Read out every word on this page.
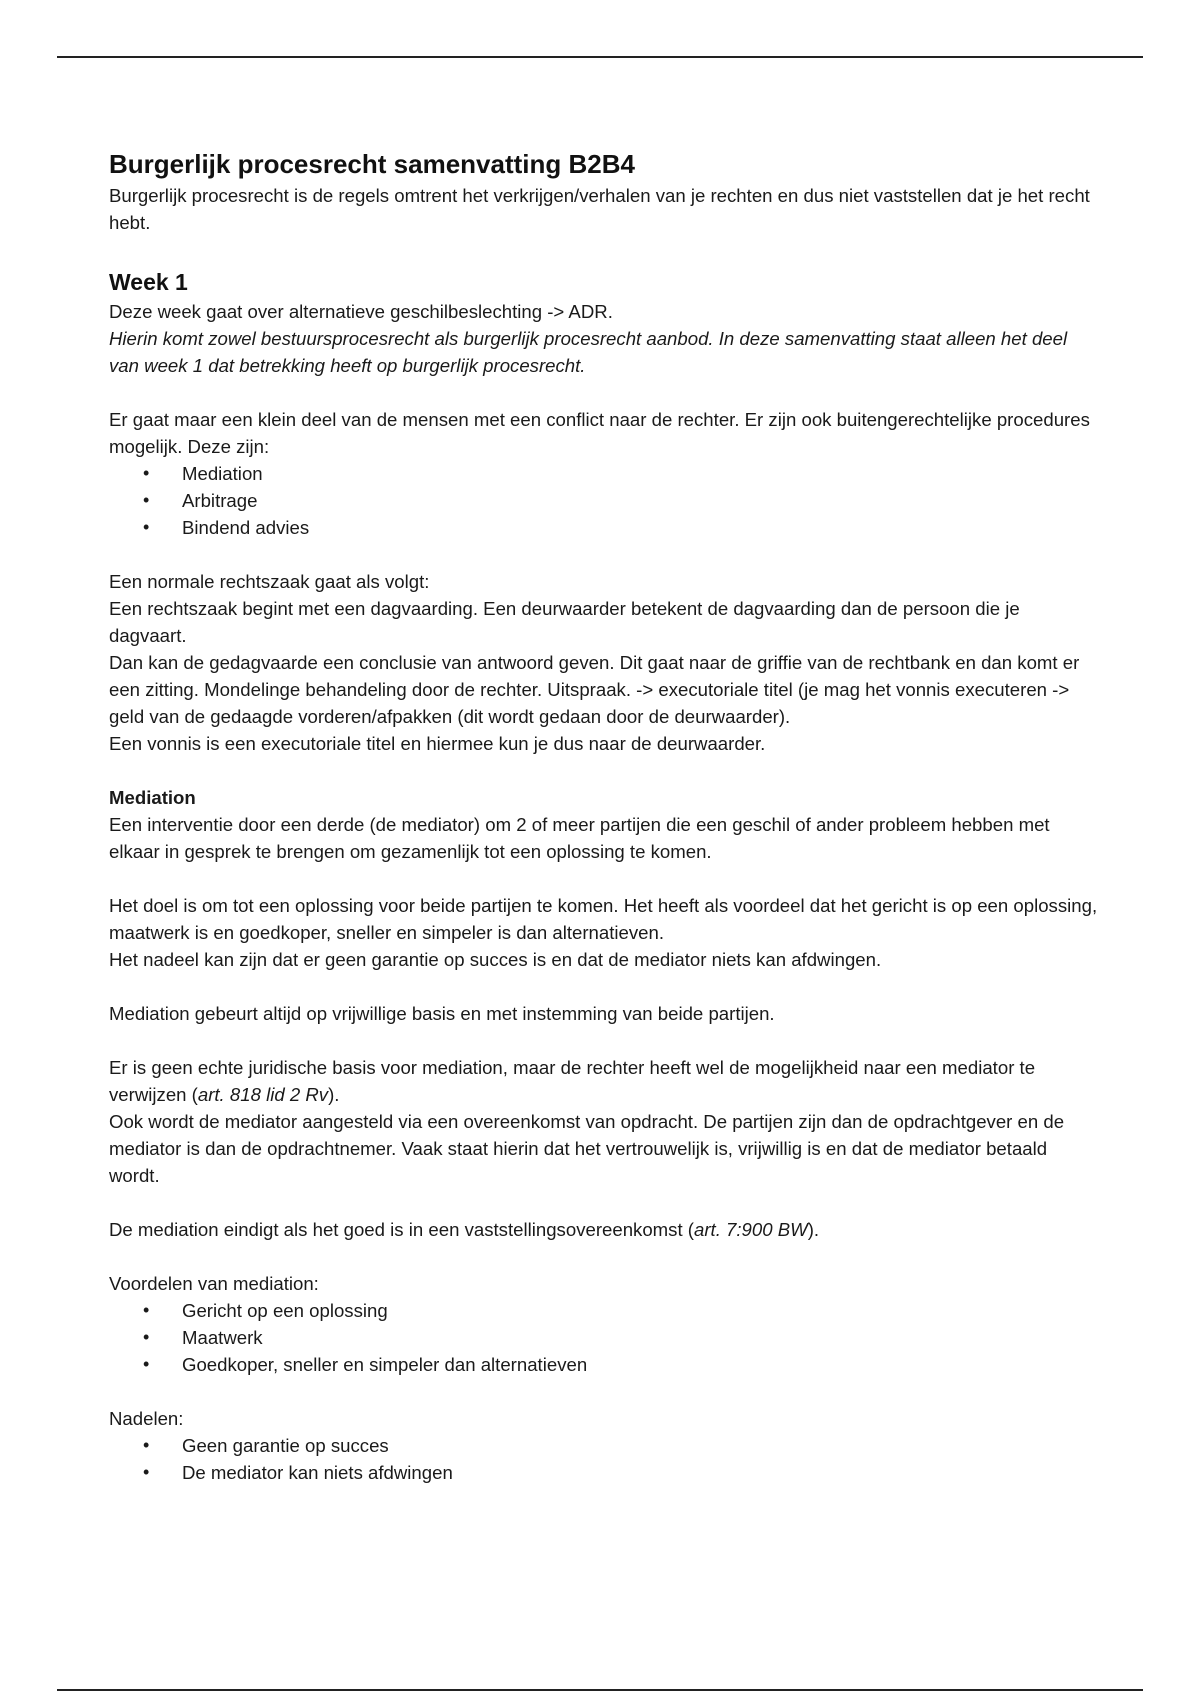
Burgerlijk procesrecht samenvatting B2B4

Burgerlijk procesrecht is de regels omtrent het verkrijgen/verhalen van je rechten en dus niet vaststellen dat je het recht hebt.

Week 1

Deze week gaat over alternatieve geschilbeslechting -> ADR.

Hierin komt zowel bestuursprocesrecht als burgerlijk procesrecht aanbod. In deze samenvatting staat alleen het deel van week 1 dat betrekking heeft op burgerlijk procesrecht.

Er gaat maar een klein deel van de mensen met een conflict naar de rechter. Er zijn ook buitengerechtelijke procedures mogelijk. Deze zijn:

• Mediation
• Arbitrage
• Bindend advies

Een normale rechtszaak gaat als volgt:

Een rechtszaak begint met een dagvaarding. Een deurwaarder betekent de dagvaarding dan de persoon die je dagvaart.

Dan kan de gedagvaarde een conclusie van antwoord geven. Dit gaat naar de griffie van de rechtbank en dan komt er een zitting. Mondelinge behandeling door de rechter. Uitspraak. -> executoriale titel (je mag het vonnis executeren -> geld van de gedaagde vorderen/afpakken (dit wordt gedaan door de deurwaarder).

Een vonnis is een executoriale titel en hiermee kun je dus naar de deurwaarder.

Mediation

Een interventie door een derde (de mediator) om 2 of meer partijen die een geschil of ander probleem hebben met elkaar in gesprek te brengen om gezamenlijk tot een oplossing te komen.

Het doel is om tot een oplossing voor beide partijen te komen. Het heeft als voordeel dat het gericht is op een oplossing, maatwerk is en goedkoper, sneller en simpeler is dan alternatieven.

Het nadeel kan zijn dat er geen garantie op succes is en dat de mediator niets kan afdwingen.

Mediation gebeurt altijd op vrijwillige basis en met instemming van beide partijen.

Er is geen echte juridische basis voor mediation, maar de rechter heeft wel de mogelijkheid naar een mediator te verwijzen (art. 818 lid 2 Rv).

Ook wordt de mediator aangesteld via een overeenkomst van opdracht. De partijen zijn dan de opdrachtgever en de mediator is dan de opdrachtnemer. Vaak staat hierin dat het vertrouwelijk is, vrijwillig is en dat de mediator betaald wordt.

De mediation eindigt als het goed is in een vaststellingsovereenkomst (art. 7:900 BW).

Voordelen van mediation:

• Gericht op een oplossing
• Maatwerk
• Goedkoper, sneller en simpeler dan alternatieven

Nadelen:

• Geen garantie op succes
• De mediator kan niets afdwingen
